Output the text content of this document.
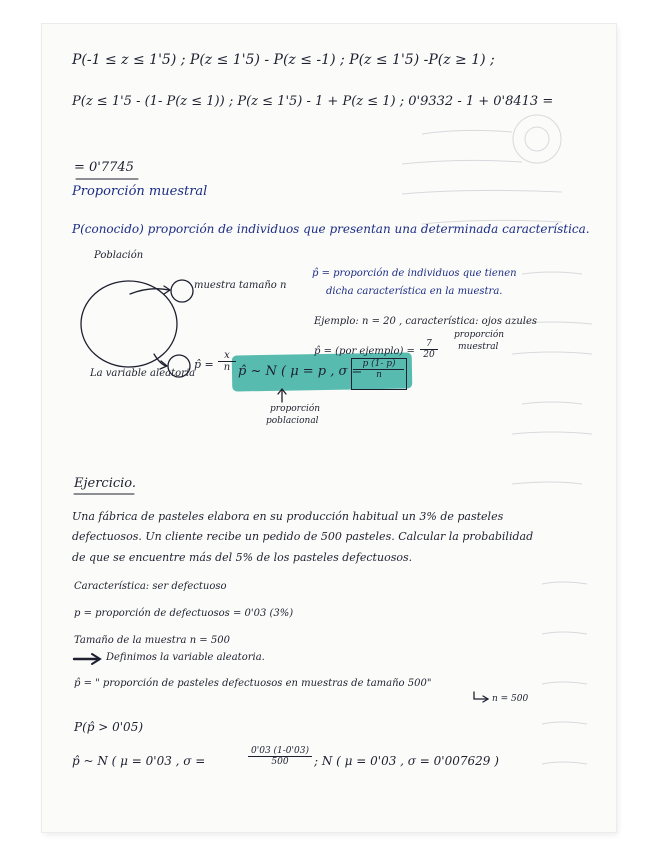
P(-1 ≤ z ≤ 1'5) ; P(z ≤ 1'5) - P(z ≤ -1) ; P(z ≤ 1'5) -P(z ≥ 1) ;
P(z ≤ 1'5 - (1- P(z ≤ 1)) ; P(z ≤ 1'5) - 1 + P(z ≤ 1) ; 0'9332 - 1 + 0'8413 =
= 0'7745
Proporción muestral
P(conocido) proporción de individuos que presentan una determinada característica.
Población
muestra tamaño n
p̂ = $\frac{x}{n}$
p̂ = proporción de individuos que tienen
dicha característica en la muestra.
Ejemplo: n = 20 , característica: ojos azules
p̂ = (por ejemplo) = $\frac{7}{20}$
proporción
muestral
La variable aleatoria	p̂ ~ N ( μ = p , σ =
$\frac{p (1- p)}{n}$
proporción
poblacional
Ejercicio.
Una fábrica de pasteles elabora en su producción habitual un 3% de pasteles
defectuosos. Un cliente recibe un pedido de 500 pasteles. Calcular la probabilidad
de que se encuentre más del 5% de los pasteles defectuosos.
Característica: ser defectuoso
p = proporción de defectuosos = 0'03 (3%)
Tamaño de la muestra n = 500
Definimos la variable aleatoria.
p̂ = " proporción de pasteles defectuosos en muestras de tamaño 500"
n = 500
P(p̂ > 0'05)
p̂ ~ N ( μ = 0'03 , σ =	$\frac{0'03 (1-0'03)}{500}$ ; N ( μ = 0'03 , σ = 0'007629 )
